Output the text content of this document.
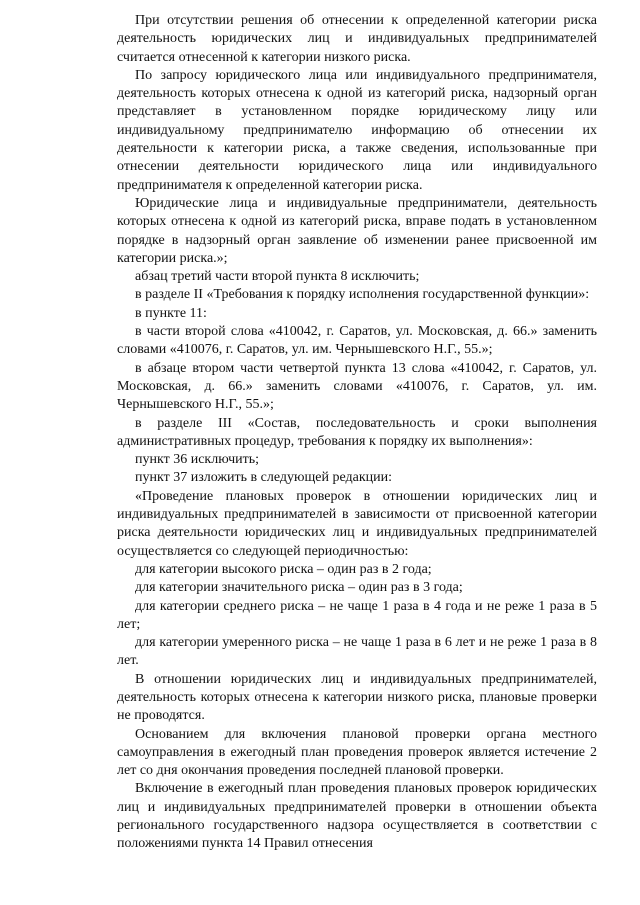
При отсутствии решения об отнесении к определенной категории риска деятельность юридических лиц и индивидуальных предпринимателей считается отнесенной к категории низкого риска.

По запросу юридического лица или индивидуального предпринимателя, деятельность которых отнесена к одной из категорий риска, надзорный орган представляет в установленном порядке юридическому лицу или индивидуальному предпринимателю информацию об отнесении их деятельности к категории риска, а также сведения, использованные при отнесении деятельности юридического лица или индивидуального предпринимателя к определенной категории риска.

Юридические лица и индивидуальные предприниматели, деятельность которых отнесена к одной из категорий риска, вправе подать в установленном порядке в надзорный орган заявление об изменении ранее присвоенной им категории риска.»;

абзац третий части второй пункта 8 исключить;

в разделе II «Требования к порядку исполнения государственной функции»:

в пункте 11:

в части второй слова «410042, г. Саратов, ул. Московская, д. 66.» заменить словами «410076, г. Саратов, ул. им. Чернышевского Н.Г., 55.»;

в абзаце втором части четвертой пункта 13 слова «410042, г. Саратов, ул. Московская, д. 66.» заменить словами «410076, г. Саратов, ул. им. Чернышевского Н.Г., 55.»;

в разделе III «Состав, последовательность и сроки выполнения административных процедур, требования к порядку их выполнения»:

пункт 36 исключить;

пункт 37 изложить в следующей редакции:

«Проведение плановых проверок в отношении юридических лиц и индивидуальных предпринимателей в зависимости от присвоенной категории риска деятельности юридических лиц и индивидуальных предпринимателей осуществляется со следующей периодичностью:

для категории высокого риска – один раз в 2 года;

для категории значительного риска – один раз в 3 года;

для категории среднего риска – не чаще 1 раза в 4 года и не реже 1 раза в 5 лет;

для категории умеренного риска – не чаще 1 раза в 6 лет и не реже 1 раза в 8 лет.

В отношении юридических лиц и индивидуальных предпринимателей, деятельность которых отнесена к категории низкого риска, плановые проверки не проводятся.

Основанием для включения плановой проверки органа местного самоуправления в ежегодный план проведения проверок является истечение 2 лет со дня окончания проведения последней плановой проверки.

Включение в ежегодный план проведения плановых проверок юридических лиц и индивидуальных предпринимателей проверки в отношении объекта регионального государственного надзора осуществляется в соответствии с положениями пункта 14 Правил отнесения
